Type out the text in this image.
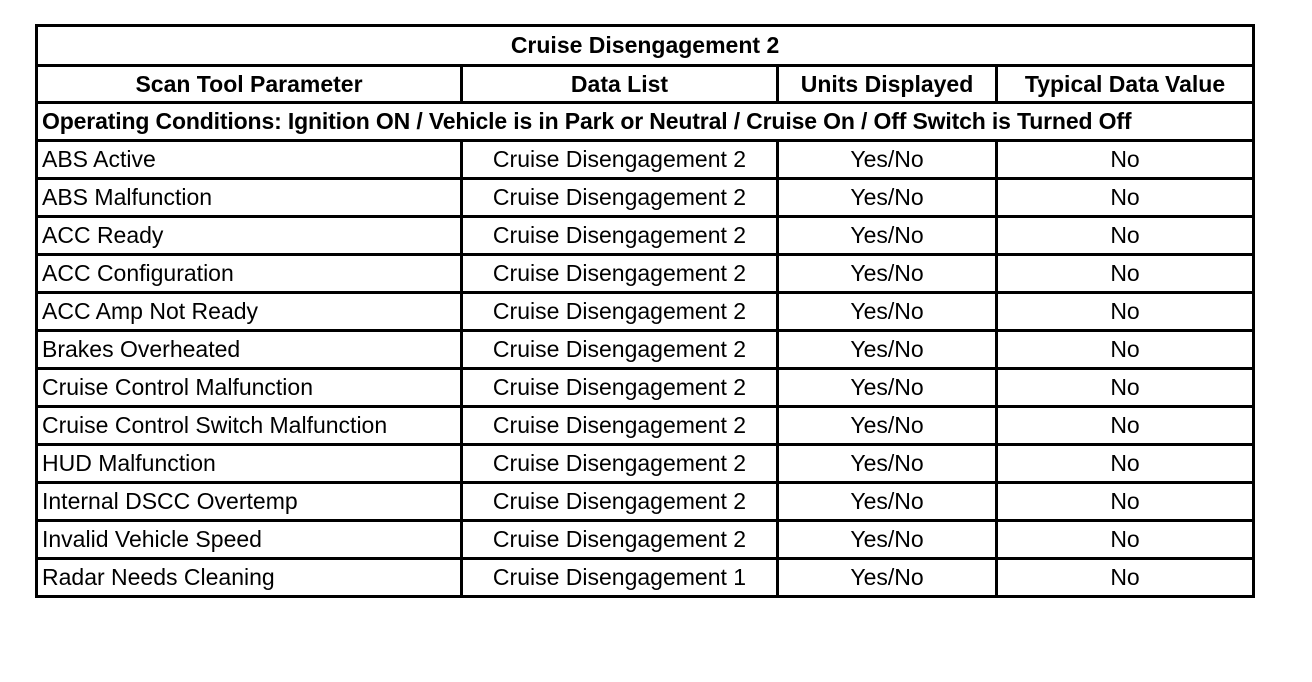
Cruise Disengagement 2			
Scan Tool Parameter	Data List	Units Displayed	Typical Data Value
Operating Conditions: Ignition ON / Vehicle is in Park or Neutral / Cruise On / Off Switch is Turned Off			
ABS Active	Cruise Disengagement 2	Yes/No	No
ABS Malfunction	Cruise Disengagement 2	Yes/No	No
ACC Ready	Cruise Disengagement 2	Yes/No	No
ACC Configuration	Cruise Disengagement 2	Yes/No	No
ACC Amp Not Ready	Cruise Disengagement 2	Yes/No	No
Brakes Overheated	Cruise Disengagement 2	Yes/No	No
Cruise Control Malfunction	Cruise Disengagement 2	Yes/No	No
Cruise Control Switch Malfunction	Cruise Disengagement 2	Yes/No	No
HUD Malfunction	Cruise Disengagement 2	Yes/No	No
Internal DSCC Overtemp	Cruise Disengagement 2	Yes/No	No
Invalid Vehicle Speed	Cruise Disengagement 2	Yes/No	No
Radar Needs Cleaning	Cruise Disengagement 1	Yes/No	No
